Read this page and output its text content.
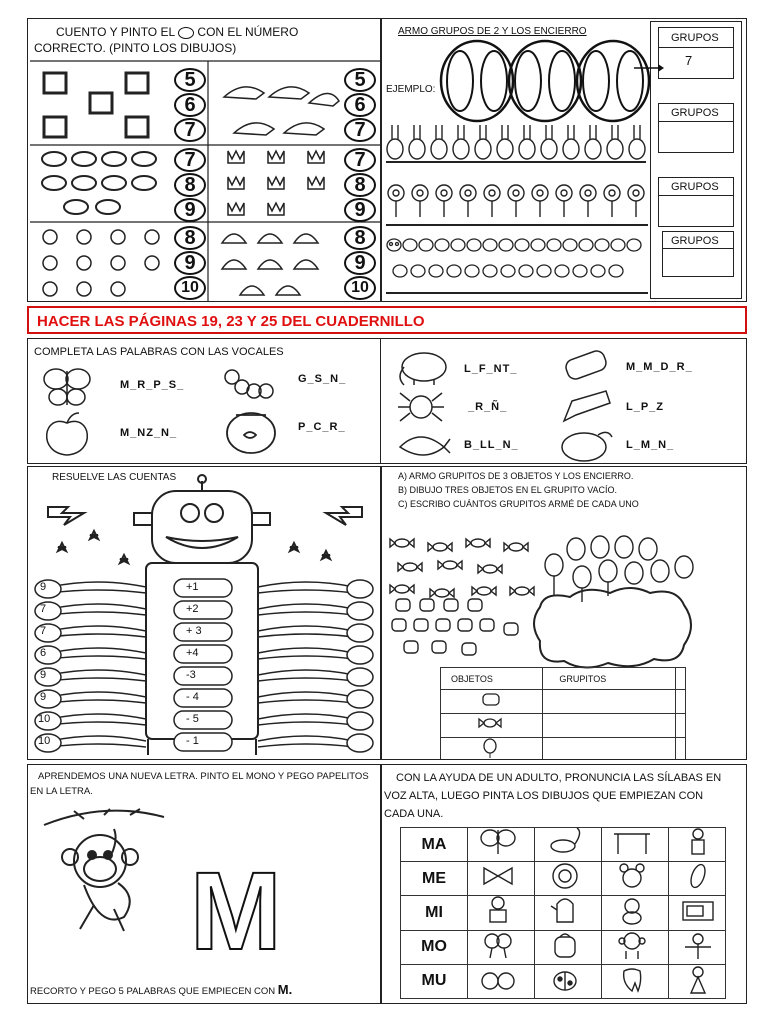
CUENTO Y PINTO EL CON EL NÚMERO
CORRECTO. (PINTO LOS DIBUJOS)
5
6
7
5
6
7
7
8
9
7
8
9
8
9
10
8
9
10
ARMO GRUPOS DE 2 Y LOS ENCIERRO
EJEMPLO:
GRUPOS
7
GRUPOS
GRUPOS
GRUPOS
HACER LAS PÁGINAS 19, 23 Y 25 DEL CUADERNILLO
COMPLETA LAS PALABRAS CON LAS VOCALES
M_R_P_S_	G_S_N_
M_NZ_N_	P_C_R_
L_F_NT_	M_M_D_R_
_R_Ñ_	L_P_Z
B_LL_N_	L_M_N_
RESUELVE LAS CUENTAS
9	+1
7	+2
7	+ 3
6	+4
9	-3
9	- 4
10	- 5
10	- 1
A) ARMO GRUPITOS DE 3 OBJETOS Y LOS ENCIERRO.
B) DIBUJO TRES OBJETOS EN EL GRUPITO VACÍO.
C) ESCRIBO CUÁNTOS GRUPITOS ARMÉ DE CADA UNO
OBJETOS	GRUPITOS	

APRENDEMOS UNA NUEVA LETRA. PINTO EL MONO Y PEGO PAPELITOS EN LA LETRA.
M
RECORTO Y PEGO 5 PALABRAS QUE EMPIECEN CON M.
CON LA AYUDA DE UN ADULTO, PRONUNCIA LAS SÍLABAS EN VOZ ALTA, LUEGO PINTA LOS DIBUJOS QUE EMPIEZAN CON CADA UNA.
MA				
ME				
MI				
MO				
MU				
